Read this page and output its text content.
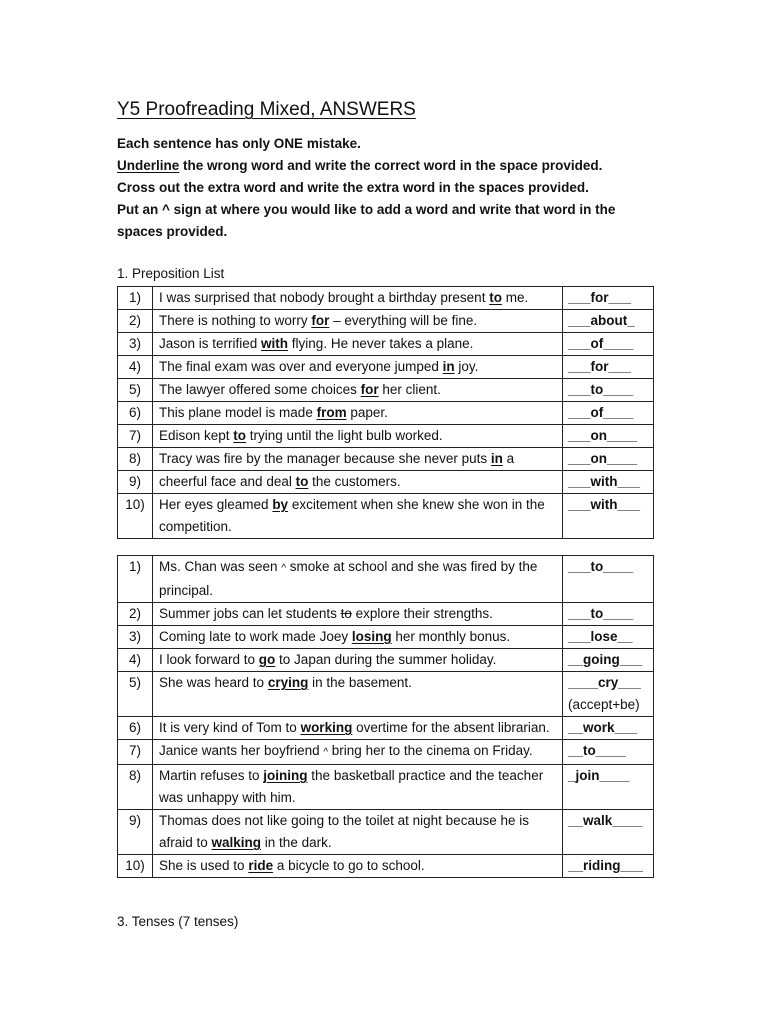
Y5 Proofreading Mixed, ANSWERS

Each sentence has only ONE mistake.

Underline the wrong word and write the correct word in the space provided.

Cross out the extra word and write the extra word in the spaces provided.

Put an ^ sign at where you would like to add a word and write that word in the spaces provided.

1. Preposition List
1)	I was surprised that nobody brought a birthday present to me.	___for___
2)	There is nothing to worry for – everything will be fine.	___about_
3)	Jason is terrified with flying. He never takes a plane.	___of____
4)	The final exam was over and everyone jumped in joy.	___for___
5)	The lawyer offered some choices for her client.	___to____
6)	This plane model is made from paper.	___of____
7)	Edison kept to trying until the light bulb worked.	___on____
8)	Tracy was fire by the manager because she never puts in a	___on____
9)	cheerful face and deal to the customers.	___with___
10)	Her eyes gleamed by excitement when she knew she won in the competition.	___with___
1)	Ms. Chan was seen ^ smoke at school and she was fired by the principal.	___to____
2)	Summer jobs can let students to explore their strengths.	___to____
3)	Coming late to work made Joey losing her monthly bonus.	___lose__
4)	I look forward to go to Japan during the summer holiday.	__going___
5)	She was heard to crying in the basement.	____cry___
(accept+be)

6)	It is very kind of Tom to working overtime for the absent librarian.	__work___
7)	Janice wants her boyfriend ^ bring her to the cinema on Friday.	__to____
8)	Martin refuses to joining the basketball practice and the teacher was unhappy with him.	_join____
9)	Thomas does not like going to the toilet at night because he is afraid to walking in the dark.	__walk____
10)	She is used to ride a bicycle to go to school.	__riding___
3. Tenses (7 tenses)
